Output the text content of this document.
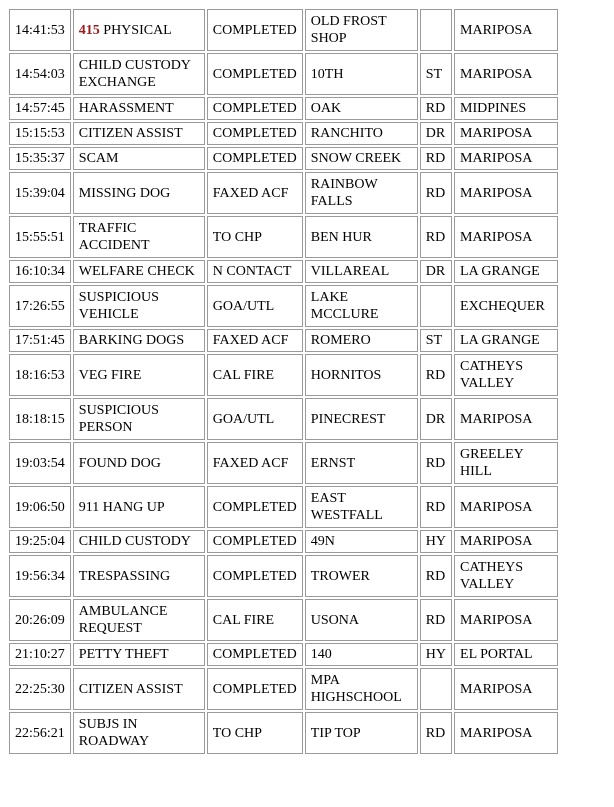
14:41:53	415 PHYSICAL	COMPLETED	OLD FROST SHOP		MARIPOSA
14:54:03	CHILD CUSTODY EXCHANGE	COMPLETED	10TH	ST	MARIPOSA
14:57:45	HARASSMENT	COMPLETED	OAK	RD	MIDPINES
15:15:53	CITIZEN ASSIST	COMPLETED	RANCHITO	DR	MARIPOSA
15:35:37	SCAM	COMPLETED	SNOW CREEK	RD	MARIPOSA
15:39:04	MISSING DOG	FAXED ACF	RAINBOW FALLS	RD	MARIPOSA
15:55:51	TRAFFIC ACCIDENT	TO CHP	BEN HUR	RD	MARIPOSA
16:10:34	WELFARE CHECK	N CONTACT	VILLAREAL	DR	LA GRANGE
17:26:55	SUSPICIOUS VEHICLE	GOA/UTL	LAKE MCCLURE		EXCHEQUER
17:51:45	BARKING DOGS	FAXED ACF	ROMERO	ST	LA GRANGE
18:16:53	VEG FIRE	CAL FIRE	HORNITOS	RD	CATHEYS VALLEY
18:18:15	SUSPICIOUS PERSON	GOA/UTL	PINECREST	DR	MARIPOSA
19:03:54	FOUND DOG	FAXED ACF	ERNST	RD	GREELEY HILL
19:06:50	911 HANG UP	COMPLETED	EAST WESTFALL	RD	MARIPOSA
19:25:04	CHILD CUSTODY	COMPLETED	49N	HY	MARIPOSA
19:56:34	TRESPASSING	COMPLETED	TROWER	RD	CATHEYS VALLEY
20:26:09	AMBULANCE REQUEST	CAL FIRE	USONA	RD	MARIPOSA
21:10:27	PETTY THEFT	COMPLETED	140	HY	EL PORTAL
22:25:30	CITIZEN ASSIST	COMPLETED	MPA HIGHSCHOOL		MARIPOSA
22:56:21	SUBJS IN ROADWAY	TO CHP	TIP TOP	RD	MARIPOSA
